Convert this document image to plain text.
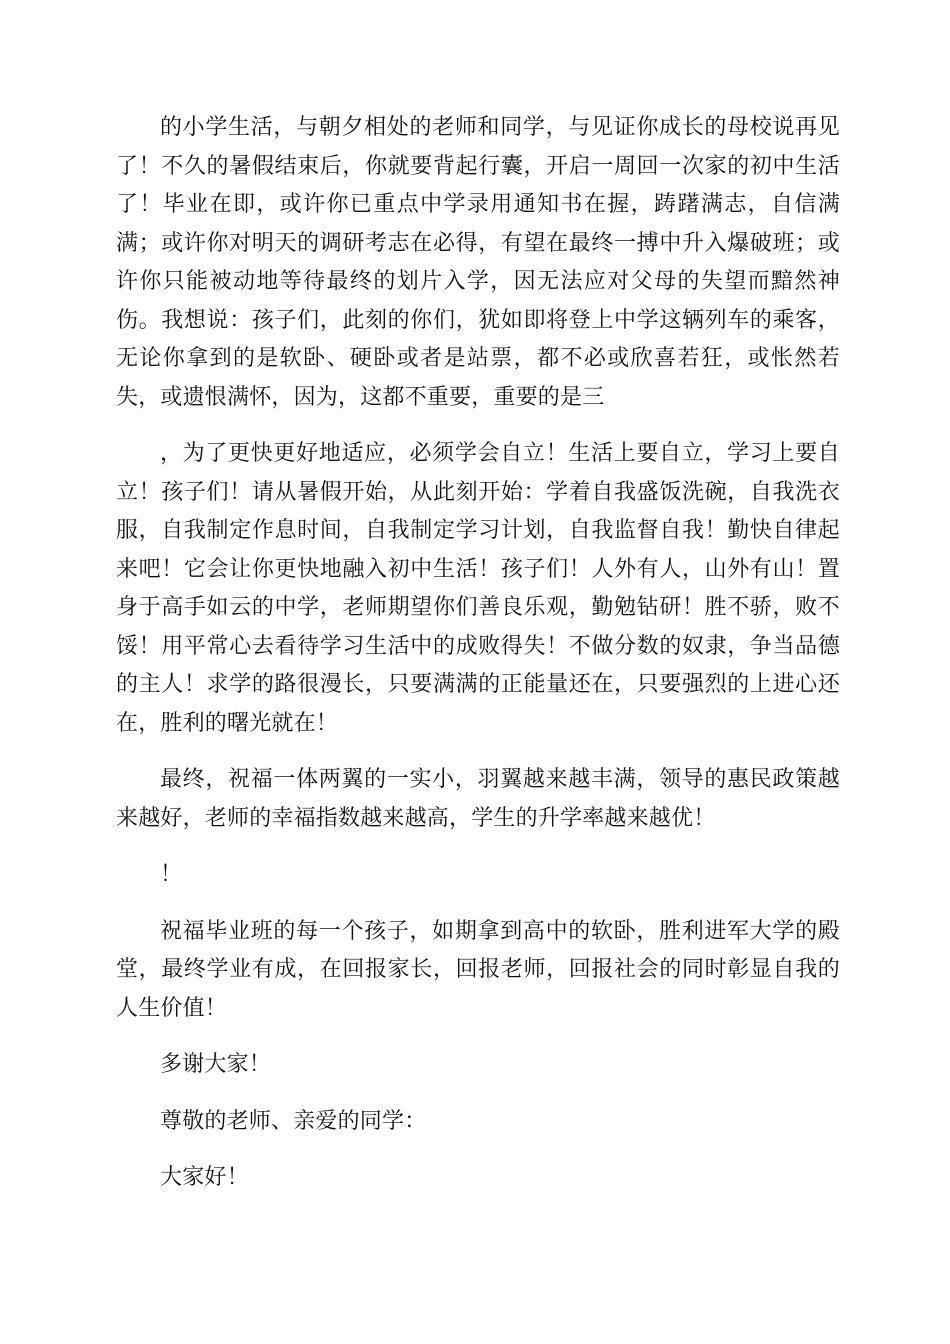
的小学生活，与朝夕相处的老师和同学，与见证你成长的母校说再见了！不久的暑假结束后，你就要背起行囊，开启一周回一次家的初中生活了！毕业在即，或许你已重点中学录用通知书在握，踌躇满志，自信满满；或许你对明天的调研考志在必得，有望在最终一搏中升入爆破班；或许你只能被动地等待最终的划片入学，因无法应对父母的失望而黯然神伤。我想说：孩子们，此刻的你们，犹如即将登上中学这辆列车的乘客，无论你拿到的是软卧、硬卧或者是站票，都不必或欣喜若狂，或怅然若失，或遗恨满怀，因为，这都不重要，重要的是三

，为了更快更好地适应，必须学会自立！生活上要自立，学习上要自立！孩子们！请从暑假开始，从此刻开始：学着自我盛饭洗碗，自我洗衣服，自我制定作息时间，自我制定学习计划，自我监督自我！勤快自律起来吧！它会让你更快地融入初中生活！孩子们！人外有人，山外有山！置身于高手如云的中学，老师期望你们善良乐观，勤勉钻研！胜不骄，败不馁！用平常心去看待学习生活中的成败得失！不做分数的奴隶，争当品德的主人！求学的路很漫长，只要满满的正能量还在，只要强烈的上进心还在，胜利的曙光就在！

最终，祝福一体两翼的一实小，羽翼越来越丰满，领导的惠民政策越来越好，老师的幸福指数越来越高，学生的升学率越来越优！

！

祝福毕业班的每一个孩子，如期拿到高中的软卧，胜利进军大学的殿堂，最终学业有成，在回报家长，回报老师，回报社会的同时彰显自我的人生价值！

多谢大家！

尊敬的老师、亲爱的同学：

大家好！
